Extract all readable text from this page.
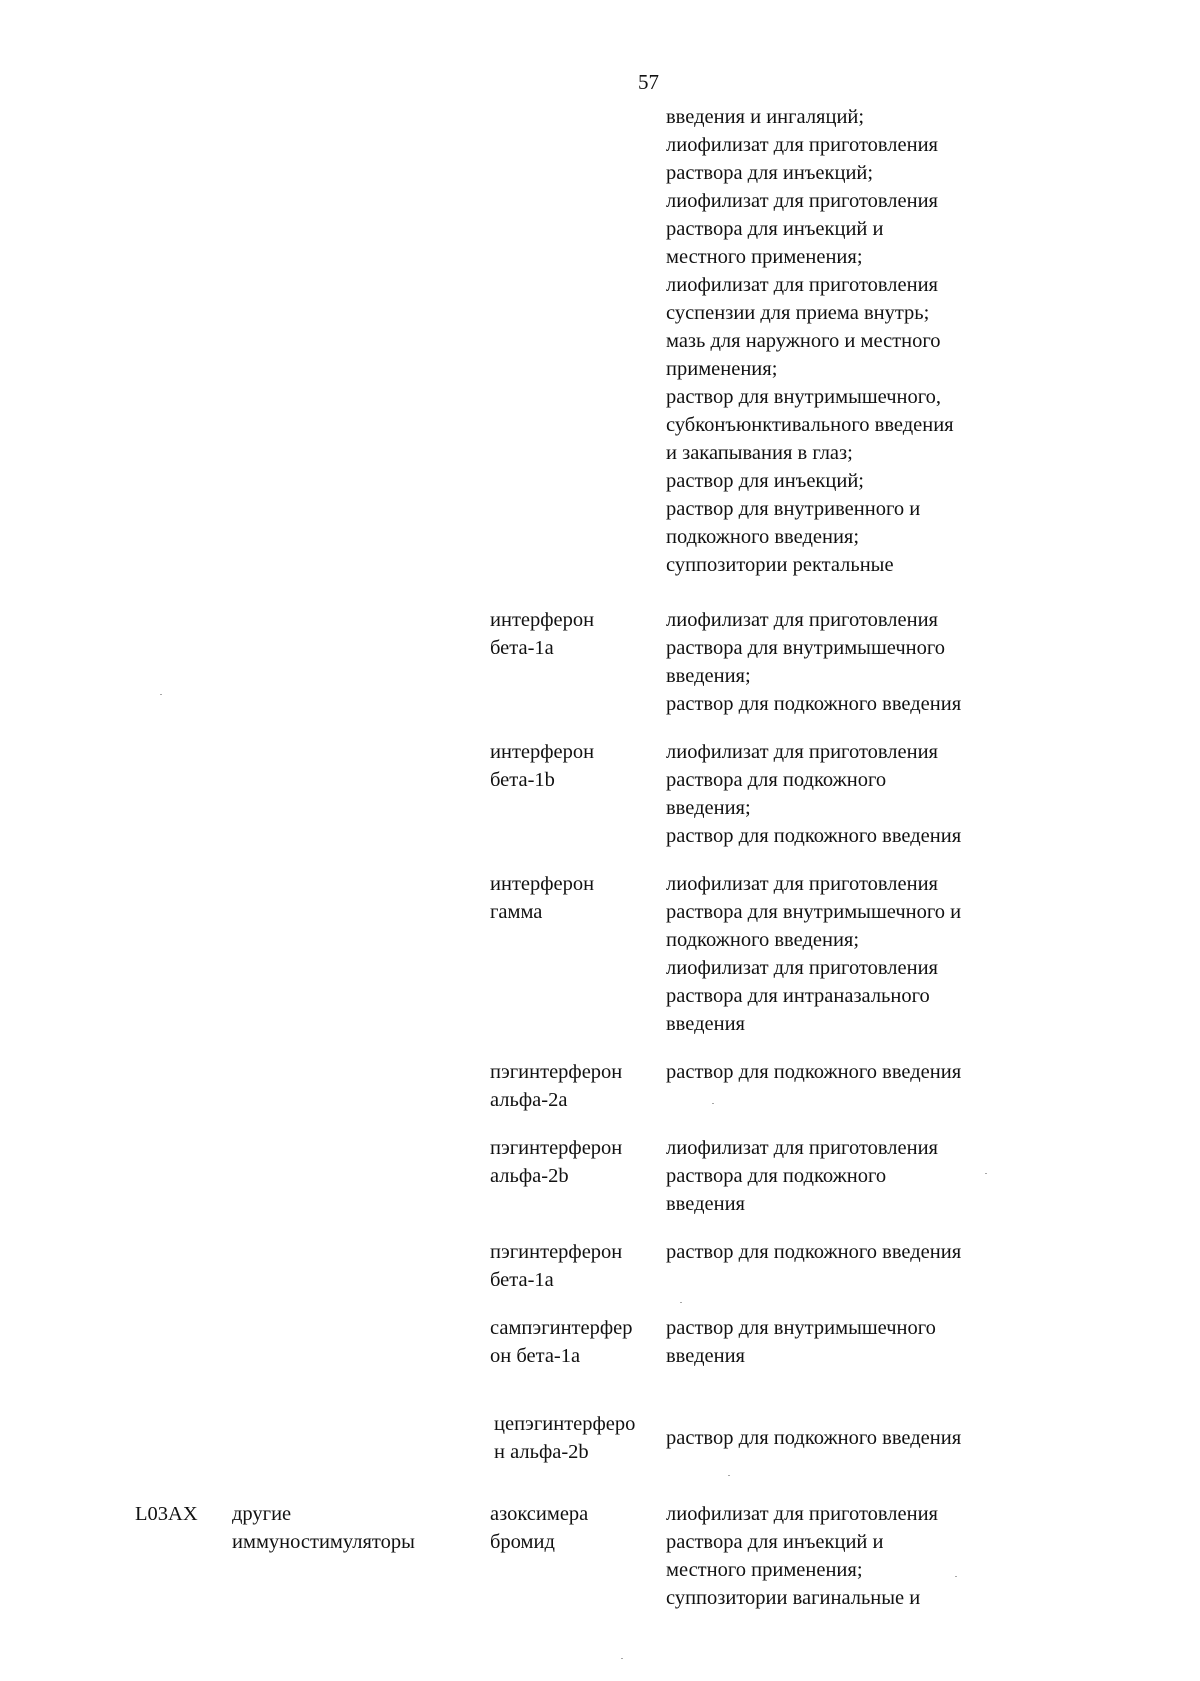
57
введения и ингаляций;
лиофилизат для приготовления
раствора для инъекций;
лиофилизат для приготовления
раствора для инъекций и
местного применения;
лиофилизат для приготовления
суспензии для приема внутрь;
мазь для наружного и местного
применения;
раствор для внутримышечного,
субконъюнктивального введения
и закапывания в глаз;
раствор для инъекций;
раствор для внутривенного и
подкожного введения;
суппозитории ректальные
интерферон
бета-1a
лиофилизат для приготовления
раствора для внутримышечного
введения;
раствор для подкожного введения
интерферон
бета-1b
лиофилизат для приготовления
раствора для подкожного
введения;
раствор для подкожного введения
интерферон
гамма
лиофилизат для приготовления
раствора для внутримышечного и
подкожного введения;
лиофилизат для приготовления
раствора для интраназального
введения
пэгинтерферон
альфа-2a
раствор для подкожного введения
пэгинтерферон
альфа-2b
лиофилизат для приготовления
раствора для подкожного
введения
пэгинтерферон
бета-1a
раствор для подкожного введения
сампэгинтерфер
он бета-1a
раствор для внутримышечного
введения
цепэгинтерферо
н альфа-2b
раствор для подкожного введения
L03AX другие
иммуностимуляторы
азоксимера
бромид
лиофилизат для приготовления
раствора для инъекций и
местного применения;
суппозитории вагинальные и
